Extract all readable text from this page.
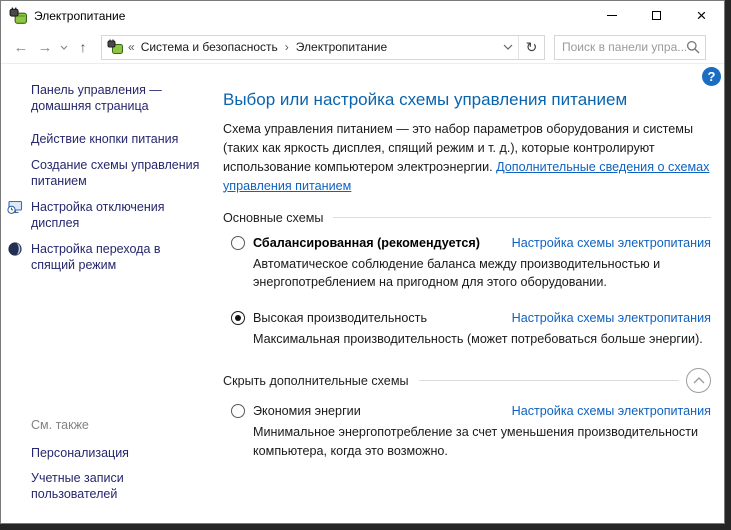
Электропитание	×
← → ↑	« Система и безопасность › Электропитание	↻
Поиск в панели упра...
Панель управления — домашняя страница
Действие кнопки питания
Создание схемы управления питанием
Настройка отключения дисплея
Настройка перехода в спящий режим
См. также
Персонализация
Учетные записи пользователей
?
Выбор или настройка схемы управления питанием
Схема управления питанием — это набор параметров оборудования и системы (таких как яркость дисплея, спящий режим и т. д.), которые контролируют использование компьютером электроэнергии. Дополнительные сведения о схемах управления питанием
Основные схемы
Сбалансированная (рекомендуется)	Настройка схемы электропитания
Автоматическое соблюдение баланса между производительностью и энергопотреблением на пригодном для этого оборудовании.
Высокая производительность	Настройка схемы электропитания
Максимальная производительность (может потребоваться больше энергии).
Скрыть дополнительные схемы
Экономия энергии	Настройка схемы электропитания
Минимальное энергопотребление за счет уменьшения производительности компьютера, когда это возможно.
